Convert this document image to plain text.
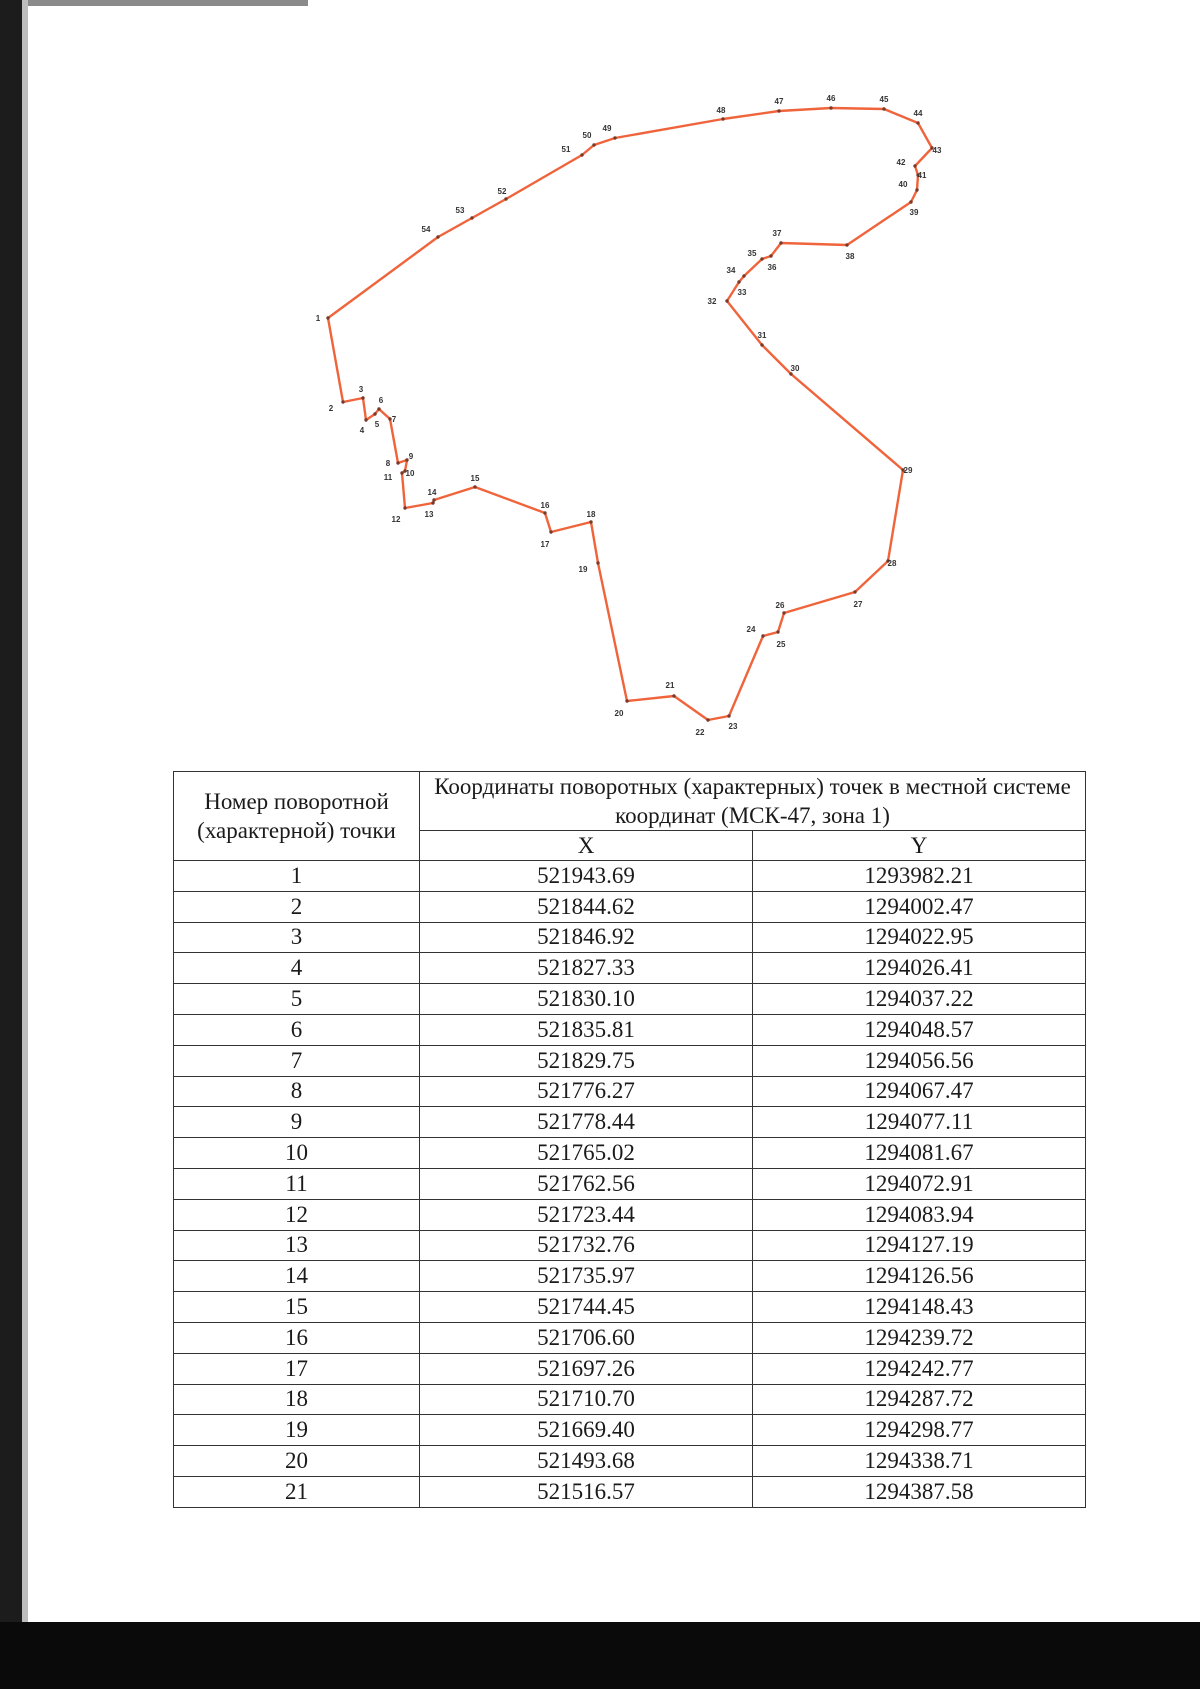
1
2
3
4
5
6
7
8
9
10
11
12
13
14
15
16
17
18
19
20
21
22
23
24
25
26	27
28
29
30
31
32
33
34
35
36
37
38
39
40
41
42
43
44
45
46
47
48
49
50
51
52
53
54
Номер поворотной (характерной) точки	Координаты поворотных (характерных) точек в местной системе координат (МСК-47, зона 1)	
	X	Y
1	521943.69	1293982.21
2	521844.62	1294002.47
3	521846.92	1294022.95
4	521827.33	1294026.41
5	521830.10	1294037.22
6	521835.81	1294048.57
7	521829.75	1294056.56
8	521776.27	1294067.47
9	521778.44	1294077.11
10	521765.02	1294081.67
11	521762.56	1294072.91
12	521723.44	1294083.94
13	521732.76	1294127.19
14	521735.97	1294126.56
15	521744.45	1294148.43
16	521706.60	1294239.72
17	521697.26	1294242.77
18	521710.70	1294287.72
19	521669.40	1294298.77
20	521493.68	1294338.71
21	521516.57	1294387.58
